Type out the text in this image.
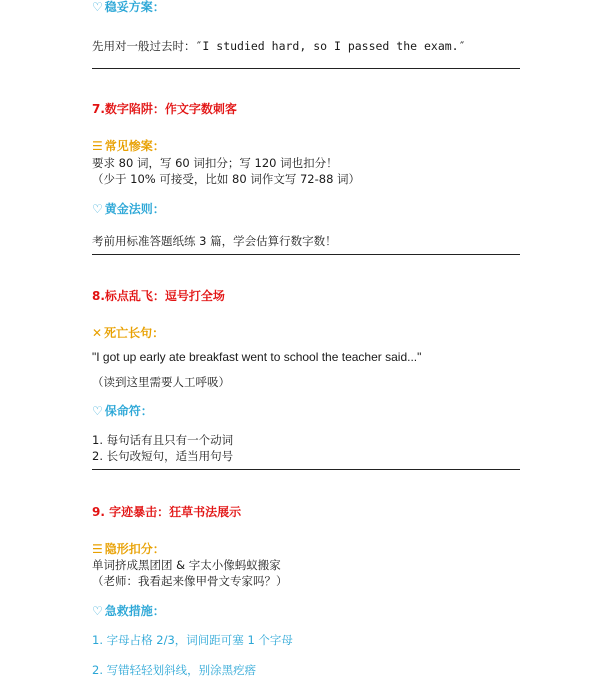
♡ 稳妥方案：
先用对一般过去时：″I studied hard, so I passed the exam.″
7.数字陷阱：作文字数刺客
☰ 常见惨案：
要求 80 词，写 60 词扣分；写 120 词也扣分！
（少于 10% 可接受，比如 80 词作文写 72-88 词）
♡ 黄金法则：
考前用标准答题纸练 3 篇，学会估算行数字数！
8.标点乱飞：逗号打全场
✕ 死亡长句：
"I got up early ate breakfast went to school the teacher said..."
（读到这里需要人工呼吸）
♡ 保命符：
1. 每句话有且只有一个动词
2. 长句改短句，适当用句号
9. 字迹暴击：狂草书法展示
☰ 隐形扣分：
单词挤成黑团团 & 字太小像蚂蚁搬家
（老师：我看起来像甲骨文专家吗？）
♡ 急救措施：
1. 字母占格 2/3，词间距可塞 1 个字母
2. 写错轻轻划斜线，别涂黑疙瘩
